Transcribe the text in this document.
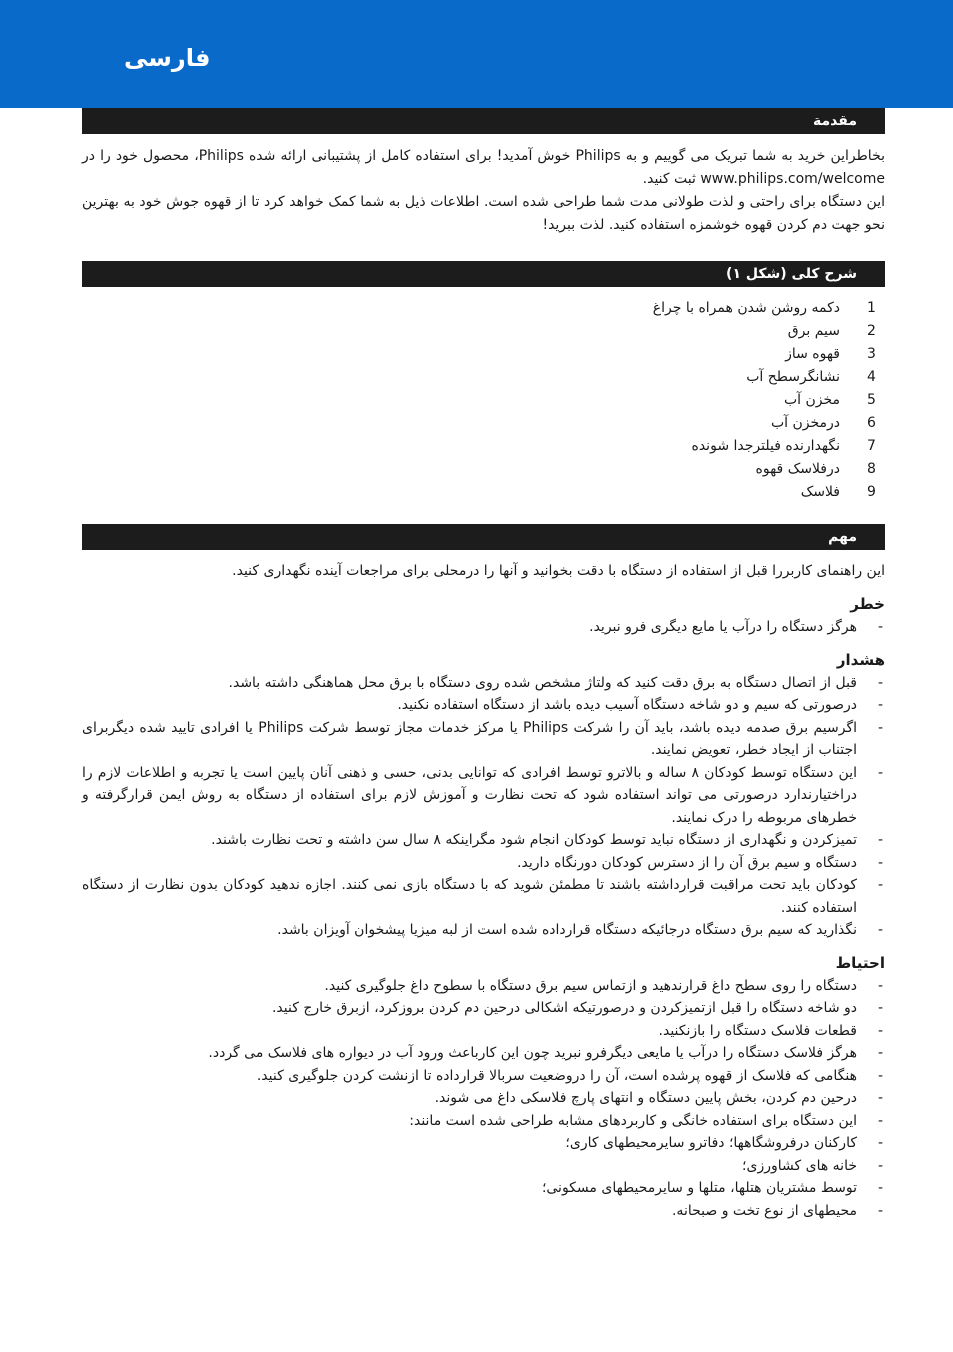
فارسی
مقدمة

بخاطراین خرید به شما تبریک می گوییم و به Philips خوش آمدید! برای استفاده کامل از پشتیبانی ارائه شده Philips، محصول خود را در www.philips.com/welcome ثبت کنید.

این دستگاه برای راحتی و لذت طولانی مدت شما طراحی شده است. اطلاعات ذیل به شما کمک خواهد کرد تا از قهوه جوش خود به بهترین نحو جهت دم کردن قهوه خوشمزه استفاده کنید. لذت ببرید!

شرح کلی (شکل ۱)
1
دکمه روشن شدن همراه با چراغ
2
سیم برق
3
قهوه ساز
4
نشانگرسطح آب
5
مخزن آب
6
درمخزن آب
7
نگهدارنده فیلترجدا شونده
8
درفلاسک قهوه
9
فلاسک
مهم

این راهنمای کاربررا قبل از استفاده از دستگاه با دقت بخوانید و آنها را درمحلی برای مراجعات آینده نگهداری کنید.

خطر

-
هرگز دستگاه را درآب یا مایع دیگری فرو نبرید.

هشدار

-
قبل از اتصال دستگاه به برق دقت کنید که ولتاژ مشخص شده روی دستگاه با برق محل هماهنگی داشته باشد.
-
درصورتی که سیم و دو شاخه دستگاه آسیب دیده باشد از دستگاه استفاده نکنید.
-
اگرسیم برق صدمه دیده باشد، باید آن را شرکت Philips یا مرکز خدمات مجاز توسط شرکت Philips یا افرادی تایید شده دیگربرای اجتناب از ایجاد خطر، تعویض نمایند.
-
این دستگاه توسط کودکان ۸ ساله و بالاترو توسط افرادی که توانایی بدنی، حسی و ذهنی آنان پایین است یا تجربه و اطلاعات لازم را دراختیارندارد درصورتی می تواند استفاده شود که تحت نظارت و آموزش لازم برای استفاده از دستگاه به روش ایمن قرارگرفته و خطرهای مربوطه را درک نمایند.
-
تمیزکردن و نگهداری از دستگاه نباید توسط کودکان انجام شود مگراینکه ۸ سال سن داشته و تحت نظارت باشند.
-
دستگاه و سیم برق آن را از دسترس کودکان دورنگاه دارید.
-
کودکان باید تحت مراقبت قرارداشته باشند تا مطمئن شوید که با دستگاه بازی نمی کنند. اجازه ندهید کودکان بدون نظارت از دستگاه استفاده کنند.
-
نگذارید که سیم برق دستگاه درجائیکه دستگاه قرارداده شده است از لبه میزیا پیشخوان آویزان باشد.

احتیاط

-
دستگاه را روی سطح داغ قرارندهید و ازتماس سیم برق دستگاه با سطوح داغ جلوگیری کنید.
-
دو شاخه دستگاه را قبل ازتمیزکردن و درصورتیکه اشکالی درحین دم کردن بروزکرد، ازبرق خارج کنید.
-
قطعات فلاسک دستگاه را بازنکنید.
-
هرگز فلاسک دستگاه را درآب یا مایعی دیگرفرو نبرید چون این کارباعث ورود آب در دیواره های فلاسک می گردد.
-
هنگامی که فلاسک از قهوه پرشده است، آن را دروضعیت سربالا قرارداده تا ازنشت کردن جلوگیری کنید.
-
درحین دم کردن، بخش پایین دستگاه و انتهای پارچ فلاسکی داغ می شوند.
-
این دستگاه برای استفاده خانگی و کاربردهای مشابه طراحی شده است مانند:
-
کارکنان درفروشگاهها؛ دفاترو سایرمحیطهای کاری؛
-
خانه های کشاورزی؛
-
توسط مشتریان هتلها، متلها و سایرمحیطهای مسکونی؛
-
محیطهای از نوع تخت و صبحانه.
